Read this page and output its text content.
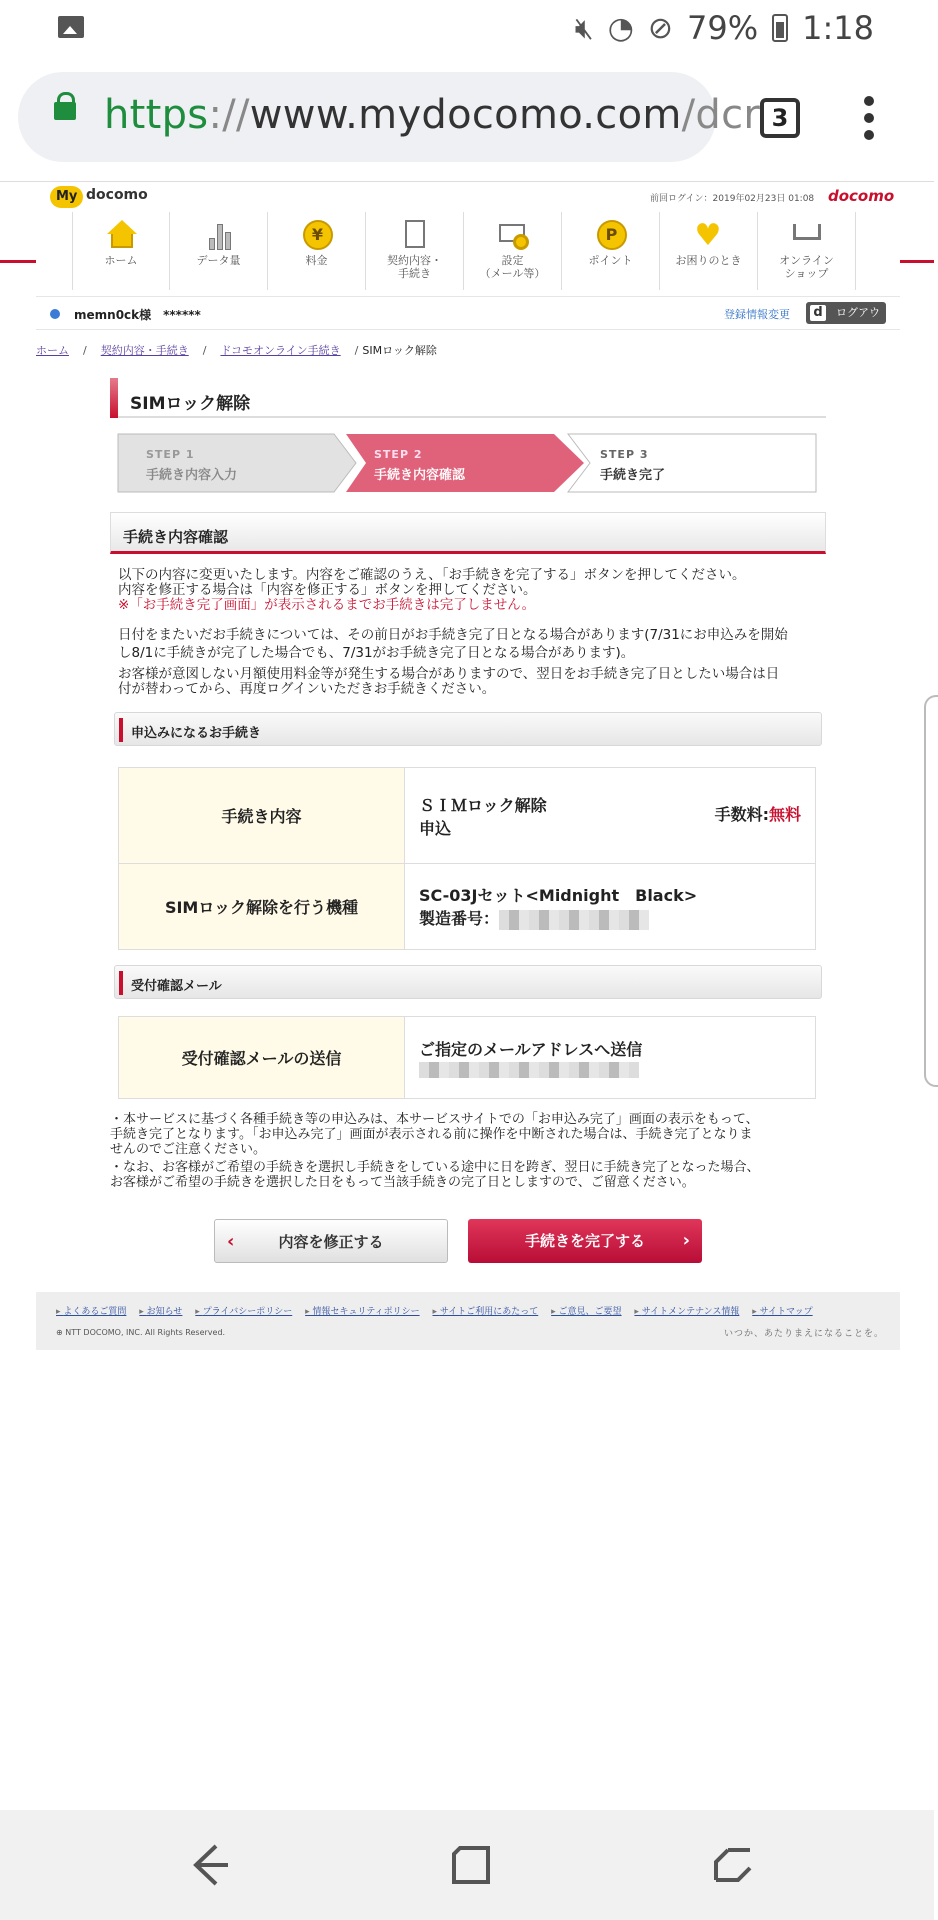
🔇︎ ◔ ⊘ 79% 1:18
https://www.mydocomo.com/dcr 3
My docomo	前回ログイン：2019年02月23日 01:08 docomo
ホーム	データ量
¥
料金	契約内容・
手続き
設定
（メール等）
P
ポイント
♥
お困りのとき	オンライン
ショップ
memn0ck様　******	登録情報変更 d	ログアウト
ホーム / 契約内容・手続き / ドコモオンライン手続き / SIMロック解除
SIMロック解除
STEP 1
手続き内容入力
STEP 2
手続き内容確認
STEP 3
手続き完了
手続き内容確認
以下の内容に変更いたします。内容をご確認のうえ、「お手続きを完了する」ボタンを押してください。
内容を修正する場合は「内容を修正する」ボタンを押してください。
※「お手続き完了画面」が表示されるまでお手続きは完了しません。
日付をまたいだお手続きについては、その前日がお手続き完了日となる場合があります(7/31にお申込みを開始
し8/1に手続きが完了した場合でも、7/31がお手続き完了日となる場合があります)。
お客様が意図しない月額使用料金等が発生する場合がありますので、翌日をお手続き完了日としたい場合は日
付が替わってから、再度ログインいただきお手続きください。
申込みになるお手続き
手続き内容	ＳＩＭロック解除
申込
手数料:無料

SIMロック解除を行う機種	SC-03Jセット<Midnight　Black>
製造番号：
受付確認メール
受付確認メールの送信	ご指定のメールアドレスへ送信
・本サービスに基づく各種手続き等の申込みは、本サービスサイトでの「お申込み完了」画面の表示をもって、
手続き完了となります。「お申込み完了」画面が表示される前に操作を中断された場合は、手続き完了となりま
せんのでご注意ください。
・なお、お客様がご希望の手続きを選択し手続きをしている途中に日を跨ぎ、翌日に手続き完了となった場合、
お客様がご希望の手続きを選択した日をもって当該手続きの完了日としますので、ご留意ください。
‹	内容を修正する	手続きを完了する ›
▸ よくあるご質問 ▸ お知らせ ▸ プライバシーポリシー ▸ 情報セキュリティポリシー ▸ サイトご利用にあたって ▸ ご意見、ご要望 ▸ サイトメンテナンス情報 ▸ サイトマップ
⊕ NTT DOCOMO, INC. All Rights Reserved.	いつか、あたりまえになることを。
